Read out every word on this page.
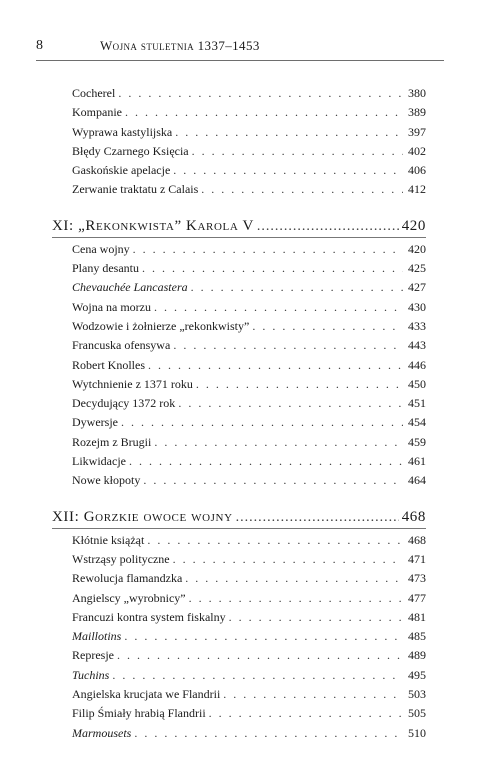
8	Wojna stuletnia 1337–1453
Cocherel . . .	380
Kompanie . . .	389
Wyprawa kastylijska . . .	397
Błędy Czarnego Księcia . . .	402
Gaskońskie apelacje . . .	406
Zerwanie traktatu z Calais . . .	412
XI: „Rekonkwista” Karola V .....	420
Cena wojny . . .	420
Plany desantu . . .	425
Chevauchée Lancastera . . .	427
Wojna na morzu . . .	430
Wodzowie i żołnierze „rekonkwisty” . . .	433
Francuska ofensywa . . .	443
Robert Knolles . . .	446
Wytchnienie z 1371 roku . . .	450
Decydujący 1372 rok . . .	451
Dywersje . . .	454
Rozejm z Brugii . . .	459
Likwidacje . . .	461
Nowe kłopoty . . .	464
XII: Gorzkie owoce wojny .....	468
Kłótnie książąt . . .	468
Wstrząsy polityczne . . .	471
Rewolucja flamandzka . . .	473
Angielscy „wyrobnicy” . . .	477
Francuzi kontra system fiskalny . . .	481
Maillotins . . .	485
Represje . . .	489
Tuchins . . .	495
Angielska krucjata we Flandrii . . .	503
Filip Śmiały hrabią Flandrii . . .	505
Marmousets . . .	510
